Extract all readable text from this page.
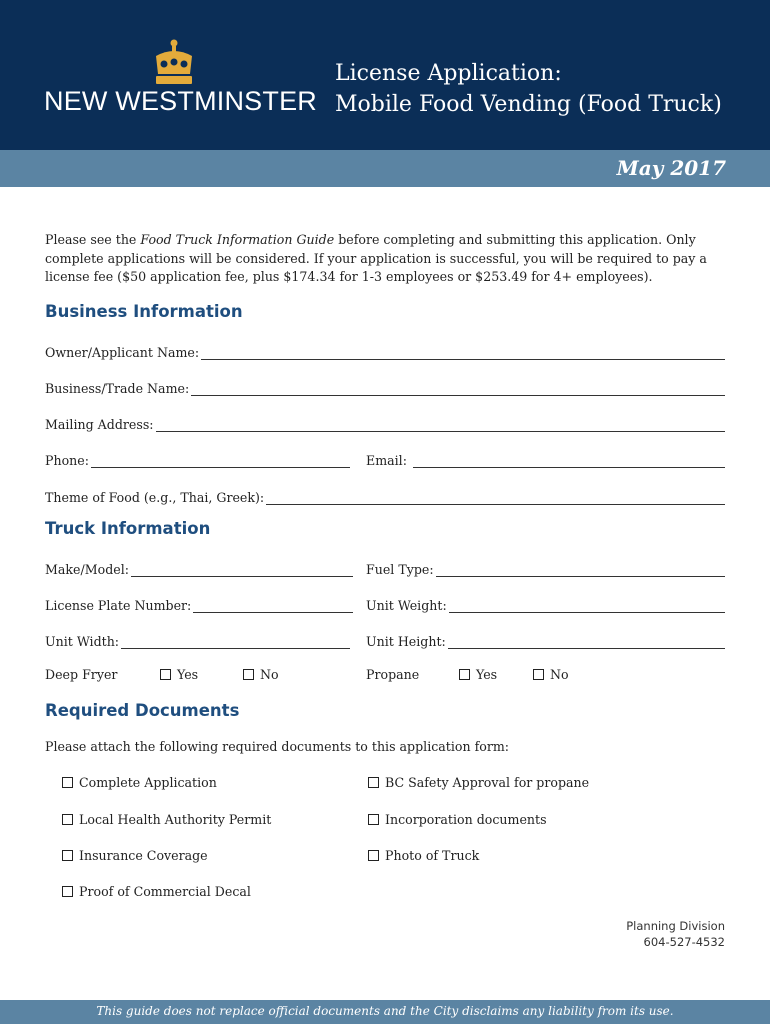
NEW WESTMINSTER
License Application:
Mobile Food Vending (Food Truck)
May 2017
Please see the Food Truck Information Guide before completing and submitting this application. Only complete applications will be considered. If your application is successful, you will be required to pay a license fee ($50 application fee, plus $174.34 for 1-3 employees or $253.49 for 4+ employees).
Business Information
Owner/Applicant Name:
Business/Trade Name:
Mailing Address:
Phone:	Email:
Theme of Food (e.g., Thai, Greek):
Truck Information
Make/Model:	Fuel Type:
License Plate Number:	Unit Weight:
Unit Width:	Unit Height:
Deep Fryer	Yes	No	Propane	Yes	No
Required Documents
Please attach the following required documents to this application form:
Complete Application	BC Safety Approval for propane
Local Health Authority Permit	Incorporation documents
Insurance Coverage	Photo of Truck
Proof of Commercial Decal
Planning Division
604-527-4532
This guide does not replace official documents and the City disclaims any liability from its use.
